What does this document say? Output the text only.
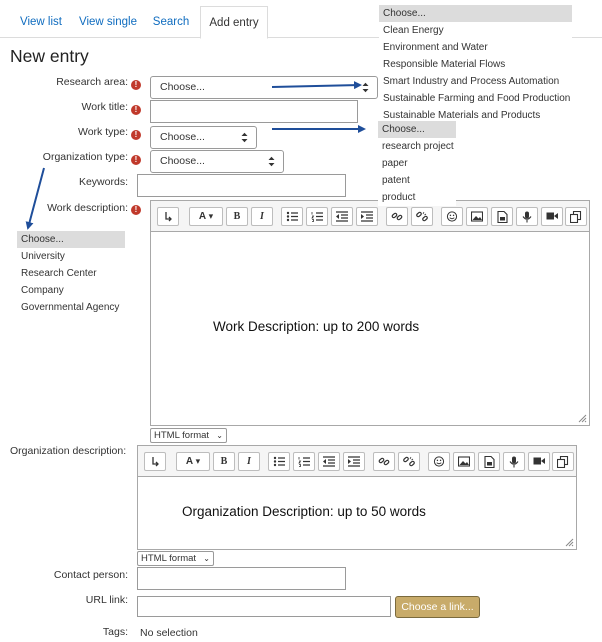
View list	View single	Search	Add entry
New entry
Research area: !	Choose...
Work title: !
Work type: !	Choose...
Organization type: !	Choose...
Keywords:
Work description: !
A ▾	B	I
Work Description: up to 200 words
HTML format ⌄
Organization description:
A ▾	B	I
Organization Description: up to 50 words
HTML format ⌄
Contact person:
URL link:
Choose a link...
Tags: No selection
Choose...
Clean Energy
Environment and Water
Responsible Material Flows
Smart Industry and Process Automation
Sustainable Farming and Food Production
Sustainable Materials and Products
Choose...
research project
paper
patent
product
Choose...
University
Research Center
Company
Governmental Agency
